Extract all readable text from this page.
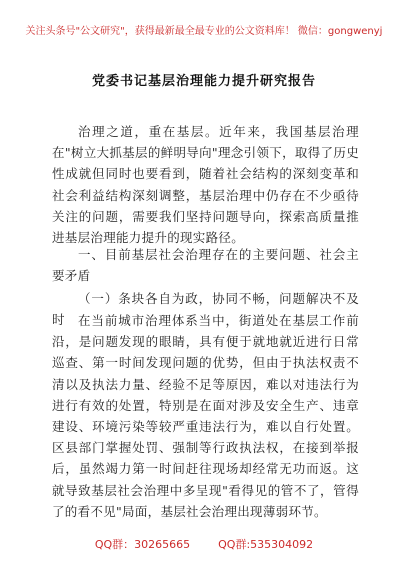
关注头条号"公文研究"，获得最新最全最专业的公文资料库！ 微信：gongwenyj
党委书记基层治理能力提升研究报告
治理之道，重在基层。近年来，我国基层治理在"树立大抓基层的鲜明导向"理念引领下，取得了历史性成就但同时也要看到，随着社会结构的深刻变革和社会利益结构深刻调整，基层治理中仍存在不少亟待关注的问题，需要我们坚持问题导向，探索高质量推进基层治理能力提升的现实路径。
一、目前基层社会治理存在的主要问题、社会主要矛盾
（一）条块各自为政，协同不畅，问题解决不及时	在当前城市治理体系当中，街道处在基层工作前沿，是问题发现的眼睛，具有便于就地就近进行日常巡查、第一时间发现问题的优势，但由于执法权责不清以及执法力量、经验不足等原因，难以对违法行为进行有效的处置，特别是在面对涉及安全生产、违章建设、环境污染等较严重违法行为，难以自行处置。区县部门掌握处罚、强制等行政执法权，在接到举报后，虽然竭力第一时间赶往现场却经常无功而返。这就导致基层社会治理中多呈现"看得见的管不了，管得了的看不见"局面，基层社会治理出现薄弱环节。
QQ群：30265665	QQ群:535304092
